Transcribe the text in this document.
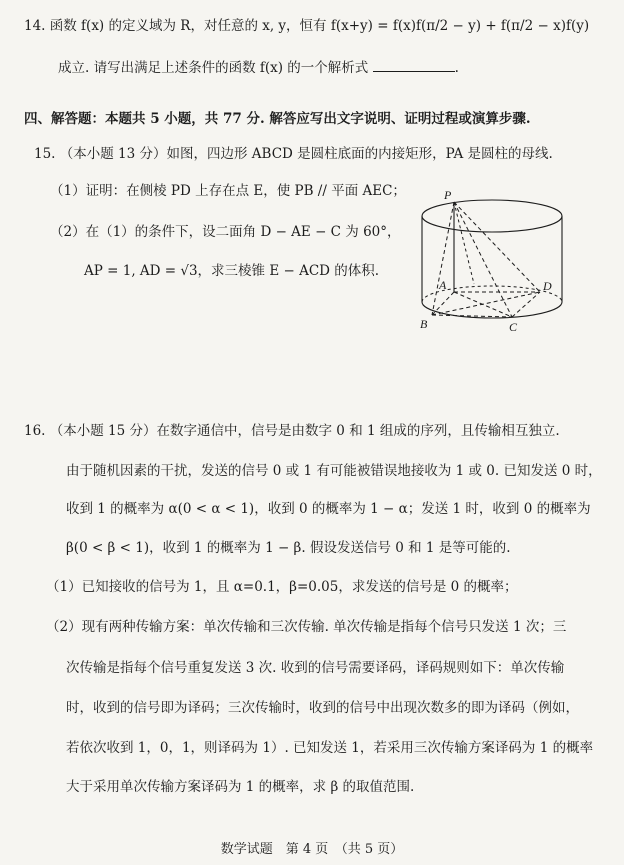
14. 函数 f(x) 的定义域为 R，对任意的 x, y，恒有 f(x+y) = f(x)f(π/2 − y) + f(π/2 − x)f(y)
成立. 请写出满足上述条件的函数 f(x) 的一个解析式	.
四、解答题：本题共 5 小题，共 77 分. 解答应写出文字说明、证明过程或演算步骤.
15. （本小题 13 分）如图，四边形 ABCD 是圆柱底面的内接矩形，PA 是圆柱的母线.
（1）证明：在侧棱 PD 上存在点 E，使 PB // 平面 AEC；
（2）在（1）的条件下，设二面角 D − AE − C 为 60°，
AP = 1, AD = √3，求三棱锥 E − ACD 的体积.
P
A
B	C
D
16. （本小题 15 分）在数字通信中，信号是由数字 0 和 1 组成的序列，且传输相互独立.
由于随机因素的干扰，发送的信号 0 或 1 有可能被错误地接收为 1 或 0. 已知发送 0 时，
收到 1 的概率为 α(0 < α < 1)，收到 0 的概率为 1 − α；发送 1 时，收到 0 的概率为
β(0 < β < 1)，收到 1 的概率为 1 − β. 假设发送信号 0 和 1 是等可能的.
（1）已知接收的信号为 1，且 α=0.1，β=0.05，求发送的信号是 0 的概率；
（2）现有两种传输方案：单次传输和三次传输. 单次传输是指每个信号只发送 1 次；三
次传输是指每个信号重复发送 3 次. 收到的信号需要译码，译码规则如下：单次传输
时，收到的信号即为译码；三次传输时，收到的信号中出现次数多的即为译码（例如，
若依次收到 1，0，1，则译码为 1）. 已知发送 1，若采用三次传输方案译码为 1 的概率
大于采用单次传输方案译码为 1 的概率，求 β 的取值范围.
数学试题　第 4 页　（共 5 页）
